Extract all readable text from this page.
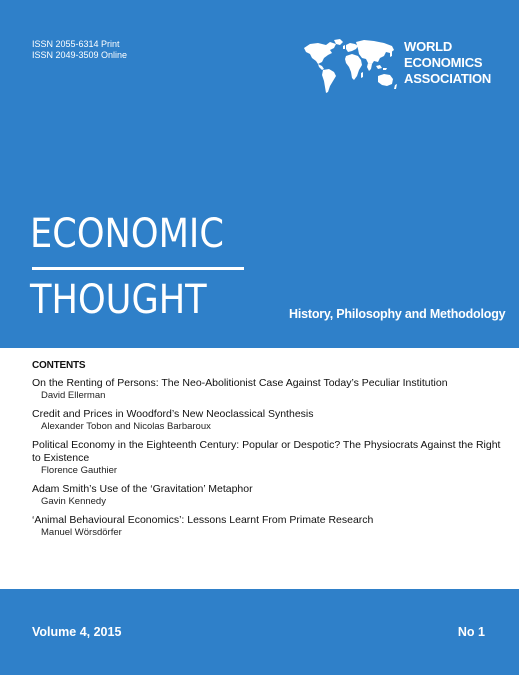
ISSN 2055-6314 Print
ISSN 2049-3509 Online
WORLD
ECONOMICS
ASSOCIATION
ECONOMIC
THOUGHT	History, Philosophy and Methodology
CONTENTS
On the Renting of Persons: The Neo-Abolitionist Case Against Today’s Peculiar Institution
David Ellerman
Credit and Prices in Woodford’s New Neoclassical Synthesis
Alexander Tobon and Nicolas Barbaroux
Political Economy in the Eighteenth Century: Popular or Despotic? The Physiocrats Against the Right to Existence
Florence Gauthier
Adam Smith’s Use of the ‘Gravitation’ Metaphor
Gavin Kennedy
‘Animal Behavioural Economics’: Lessons Learnt From Primate Research
Manuel Wörsdörfer
Volume 4, 2015	No 1
